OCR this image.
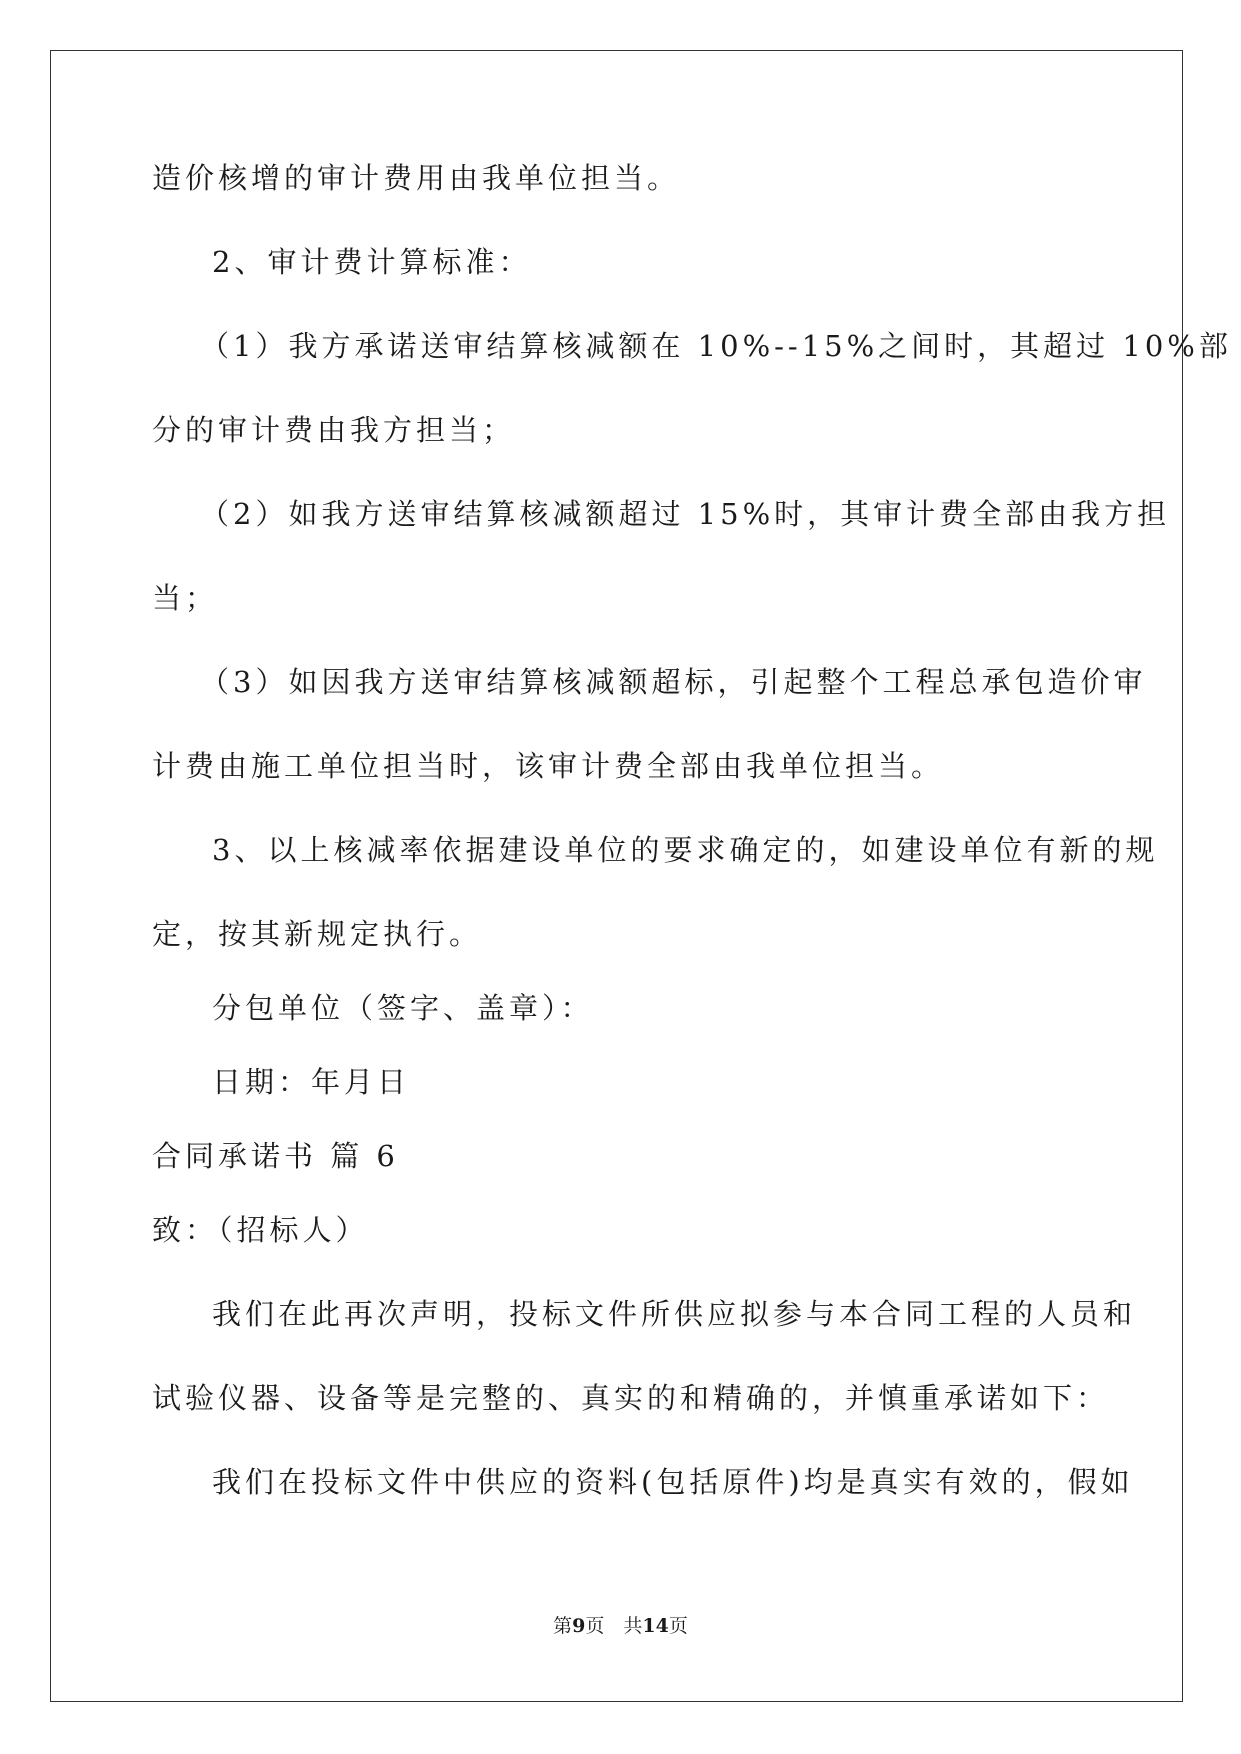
造价核增的审计费用由我单位担当。
2、审计费计算标准：
（1）我方承诺送审结算核减额在 10%--15%之间时，其超过 10%部
分的审计费由我方担当；
（2）如我方送审结算核减额超过 15%时，其审计费全部由我方担
当；
（3）如因我方送审结算核减额超标，引起整个工程总承包造价审
计费由施工单位担当时，该审计费全部由我单位担当。
3、以上核减率依据建设单位的要求确定的，如建设单位有新的规
定，按其新规定执行。
分包单位（签字、盖章）：
日期：年月日
合同承诺书 篇 6
致：（招标人）
我们在此再次声明，投标文件所供应拟参与本合同工程的人员和
试验仪器、设备等是完整的、真实的和精确的，并慎重承诺如下：
我们在投标文件中供应的资料(包括原件)均是真实有效的，假如
第9页　共14页
